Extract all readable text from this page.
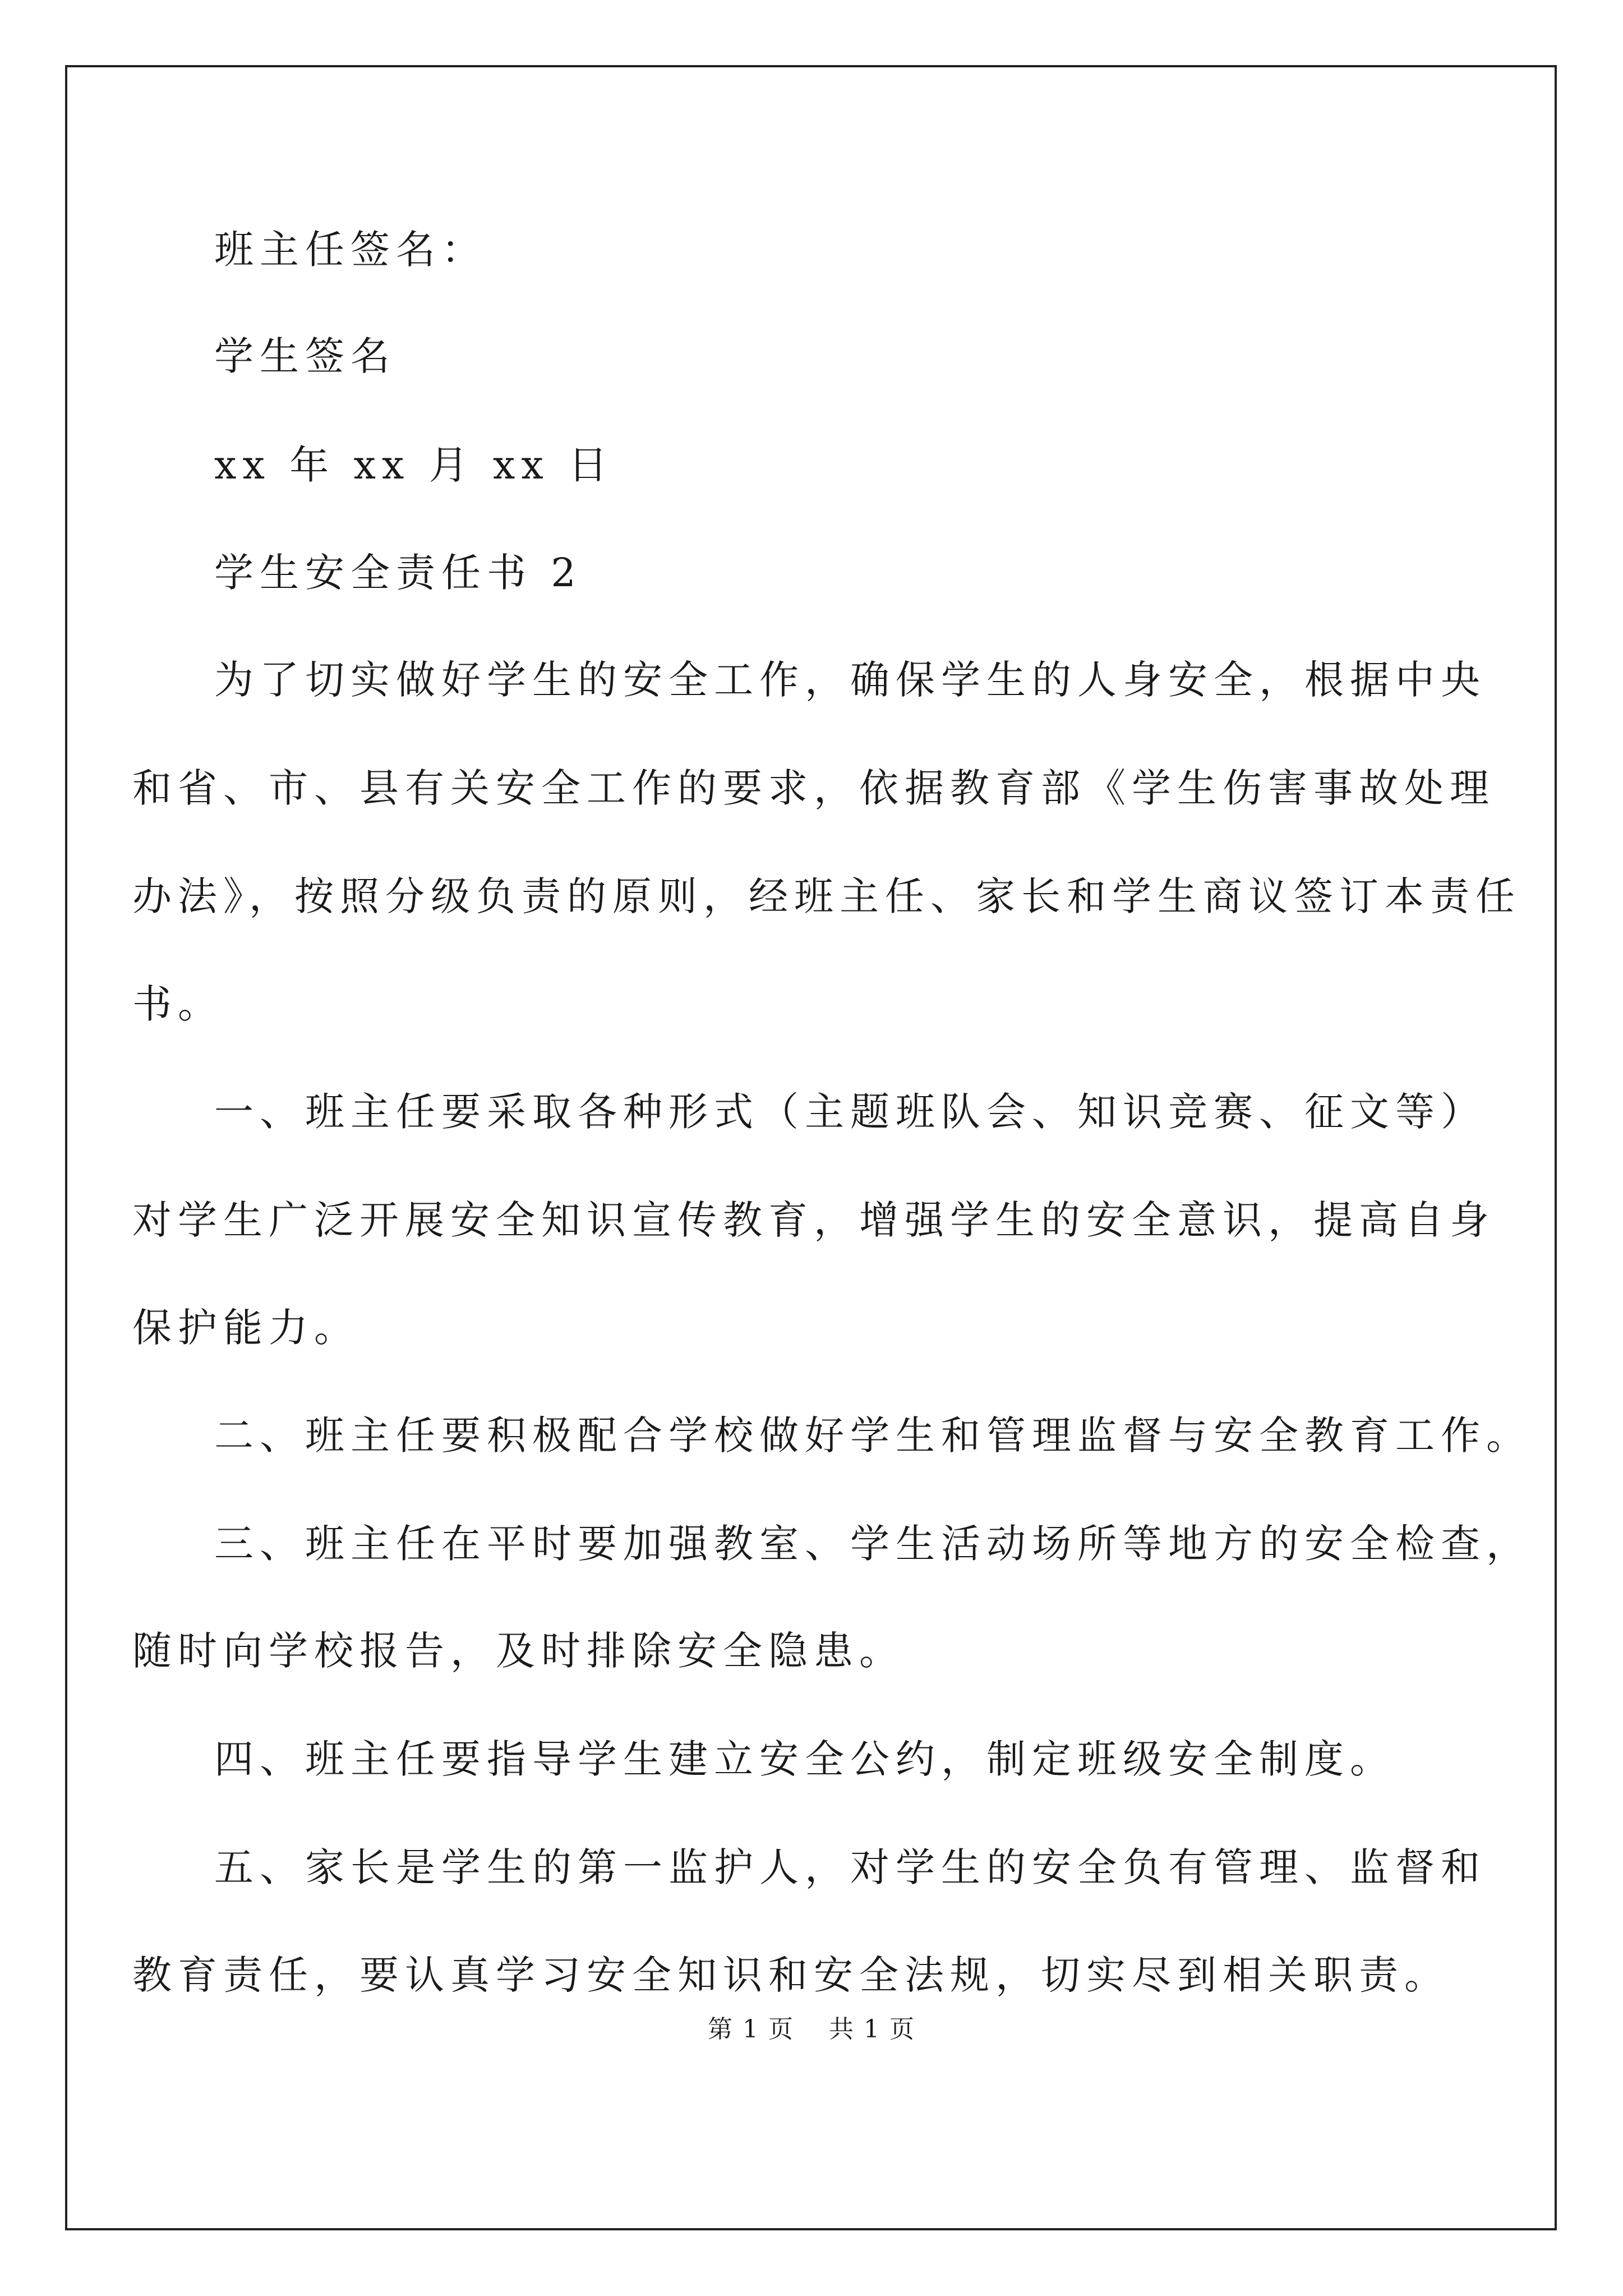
班主任签名：
学生签名
xx 年 xx 月 xx 日
学生安全责任书 2
为了切实做好学生的安全工作，确保学生的人身安全，根据中央
和省、市、县有关安全工作的要求，依据教育部《学生伤害事故处理
办法》，按照分级负责的原则，经班主任、家长和学生商议签订本责任
书。
一、班主任要采取各种形式（主题班队会、知识竞赛、征文等）
对学生广泛开展安全知识宣传教育，增强学生的安全意识，提高自身
保护能力。
二、班主任要积极配合学校做好学生和管理监督与安全教育工作。
三、班主任在平时要加强教室、学生活动场所等地方的安全检查，
随时向学校报告，及时排除安全隐患。
四、班主任要指导学生建立安全公约，制定班级安全制度。
五、家长是学生的第一监护人，对学生的安全负有管理、监督和
教育责任，要认真学习安全知识和安全法规，切实尽到相关职责。
第 1 页　 共 1 页
